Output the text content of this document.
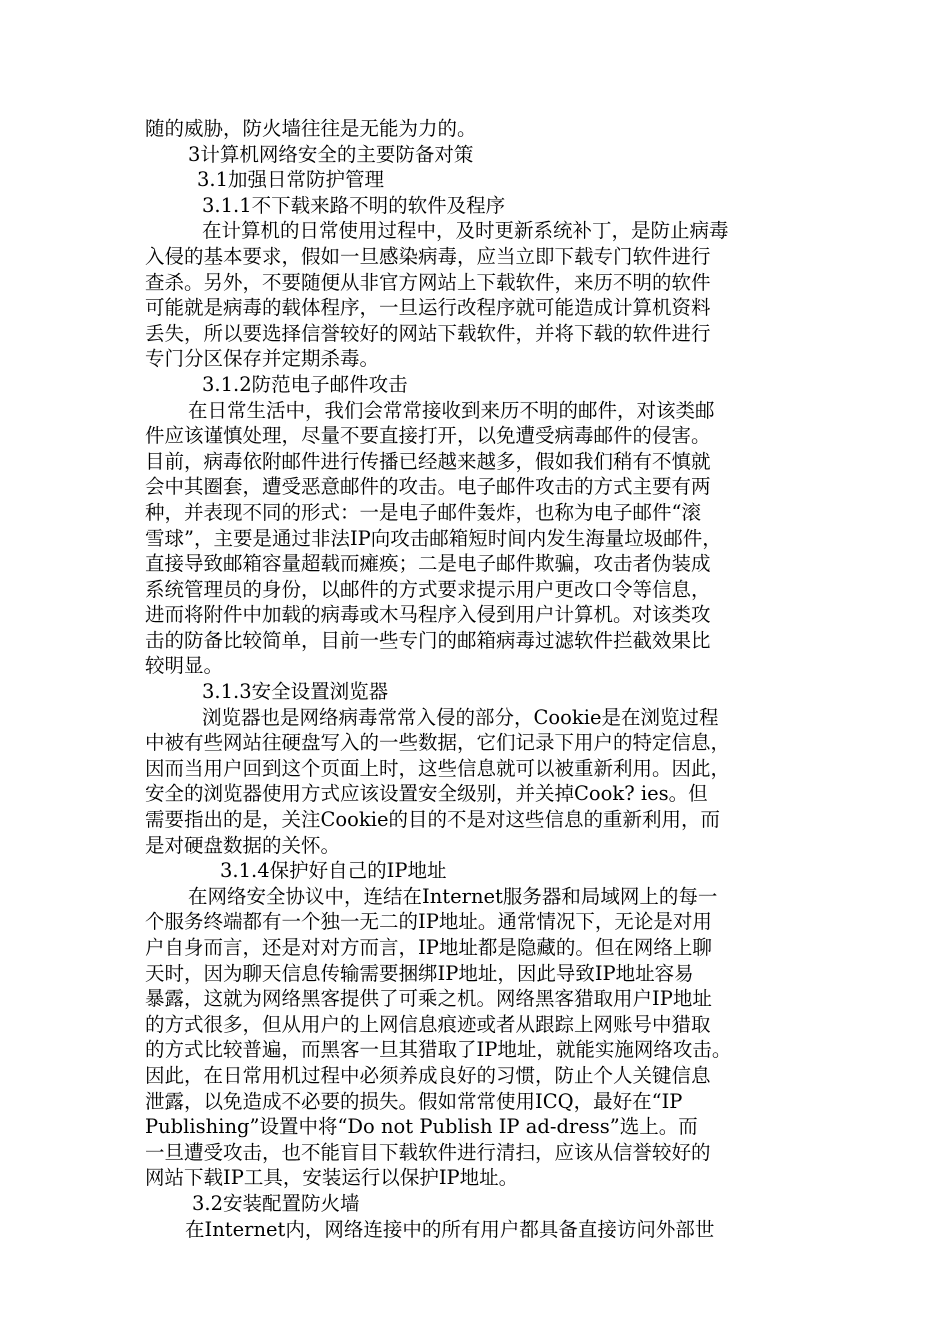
随的威胁，防火墙往往是无能为力的。
3计算机网络安全的主要防备对策
3.1加强日常防护管理
3.1.1不下载来路不明的软件及程序
在计算机的日常使用过程中，及时更新系统补丁，是防止病毒
入侵的基本要求，假如一旦感染病毒，应当立即下载专门软件进行
查杀。另外，不要随便从非官方网站上下载软件，来历不明的软件
可能就是病毒的载体程序，一旦运行改程序就可能造成计算机资料
丢失，所以要选择信誉较好的网站下载软件，并将下载的软件进行
专门分区保存并定期杀毒。
3.1.2防范电子邮件攻击
在日常生活中，我们会常常接收到来历不明的邮件，对该类邮
件应该谨慎处理，尽量不要直接打开，以免遭受病毒邮件的侵害。
目前，病毒依附邮件进行传播已经越来越多，假如我们稍有不慎就
会中其圈套，遭受恶意邮件的攻击。电子邮件攻击的方式主要有两
种，并表现不同的形式：一是电子邮件轰炸，也称为电子邮件“滚
雪球”，主要是通过非法IP向攻击邮箱短时间内发生海量垃圾邮件，
直接导致邮箱容量超载而瘫痪；二是电子邮件欺骗，攻击者伪装成
系统管理员的身份，以邮件的方式要求提示用户更改口令等信息，
进而将附件中加载的病毒或木马程序入侵到用户计算机。对该类攻
击的防备比较简单，目前一些专门的邮箱病毒过滤软件拦截效果比
较明显。
3.1.3安全设置浏览器
浏览器也是网络病毒常常入侵的部分，Cookie是在浏览过程
中被有些网站往硬盘写入的一些数据，它们记录下用户的特定信息，
因而当用户回到这个页面上时，这些信息就可以被重新利用。因此，
安全的浏览器使用方式应该设置安全级别，并关掉Cook? ies。但
需要指出的是，关注Cookie的目的不是对这些信息的重新利用，而
是对硬盘数据的关怀。
3.1.4保护好自己的IP地址
在网络安全协议中，连结在Internet服务器和局域网上的每一
个服务终端都有一个独一无二的IP地址。通常情况下，无论是对用
户自身而言，还是对对方而言，IP地址都是隐藏的。但在网络上聊
天时，因为聊天信息传输需要捆绑IP地址，因此导致IP地址容易
暴露，这就为网络黑客提供了可乘之机。网络黑客猎取用户IP地址
的方式很多，但从用户的上网信息痕迹或者从跟踪上网账号中猎取
的方式比较普遍，而黑客一旦其猎取了IP地址，就能实施网络攻击。
因此，在日常用机过程中必须养成良好的习惯，防止个人关键信息
泄露，以免造成不必要的损失。假如常常使用ICQ，最好在“IP
Publishing”设置中将“Do not Publish IP ad-dress”选上。而
一旦遭受攻击，也不能盲目下载软件进行清扫，应该从信誉较好的
网站下载IP工具，安装运行以保护IP地址。
3.2安装配置防火墙
在Internet内，网络连接中的所有用户都具备直接访问外部世
